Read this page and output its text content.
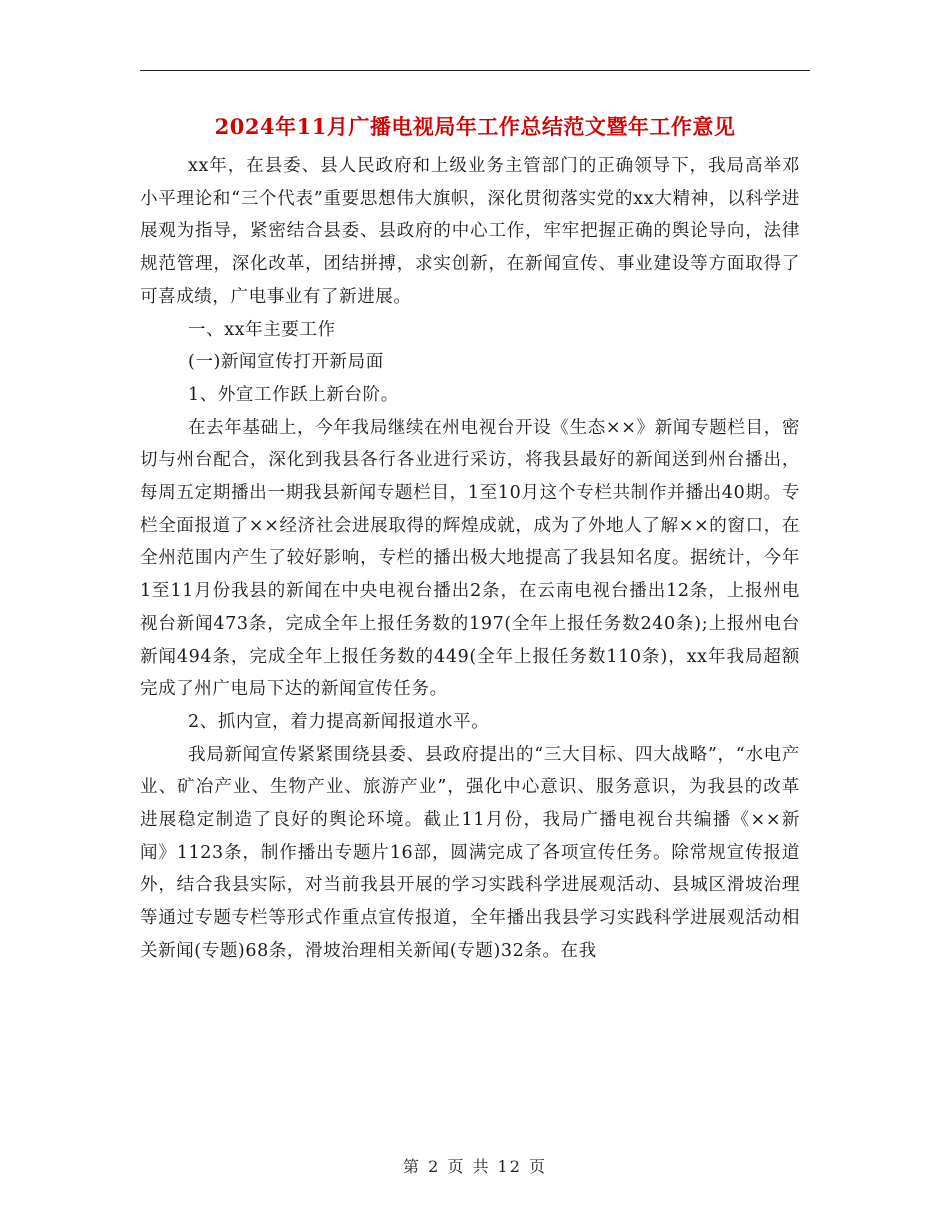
2024年11月广播电视局年工作总结范文暨年工作意见

xx年，在县委、县人民政府和上级业务主管部门的正确领导下，我局高举邓小平理论和“三个代表”重要思想伟大旗帜，深化贯彻落实党的xx大精神，以科学进展观为指导，紧密结合县委、县政府的中心工作，牢牢把握正确的舆论导向，法律规范管理，深化改革，团结拼搏，求实创新，在新闻宣传、事业建设等方面取得了可喜成绩，广电事业有了新进展。

一、xx年主要工作

(一)新闻宣传打开新局面

1、外宣工作跃上新台阶。

在去年基础上，今年我局继续在州电视台开设《生态××》新闻专题栏目，密切与州台配合，深化到我县各行各业进行采访，将我县最好的新闻送到州台播出，每周五定期播出一期我县新闻专题栏目，1至10月这个专栏共制作并播出40期。专栏全面报道了××经济社会进展取得的辉煌成就，成为了外地人了解××的窗口，在全州范围内产生了较好影响，专栏的播出极大地提高了我县知名度。据统计，今年1至11月份我县的新闻在中央电视台播出2条，在云南电视台播出12条，上报州电视台新闻473条，完成全年上报任务数的197(全年上报任务数240条);上报州电台新闻494条，完成全年上报任务数的449(全年上报任务数110条)，xx年我局超额完成了州广电局下达的新闻宣传任务。

2、抓内宣，着力提高新闻报道水平。

我局新闻宣传紧紧围绕县委、县政府提出的“三大目标、四大战略”，“水电产业、矿冶产业、生物产业、旅游产业”，强化中心意识、服务意识，为我县的改革进展稳定制造了良好的舆论环境。截止11月份，我局广播电视台共编播《××新闻》1123条，制作播出专题片16部，圆满完成了各项宣传任务。除常规宣传报道外，结合我县实际，对当前我县开展的学习实践科学进展观活动、县城区滑坡治理等通过专题专栏等形式作重点宣传报道，全年播出我县学习实践科学进展观活动相关新闻(专题)68条，滑坡治理相关新闻(专题)32条。在我

第 2 页 共 12 页
